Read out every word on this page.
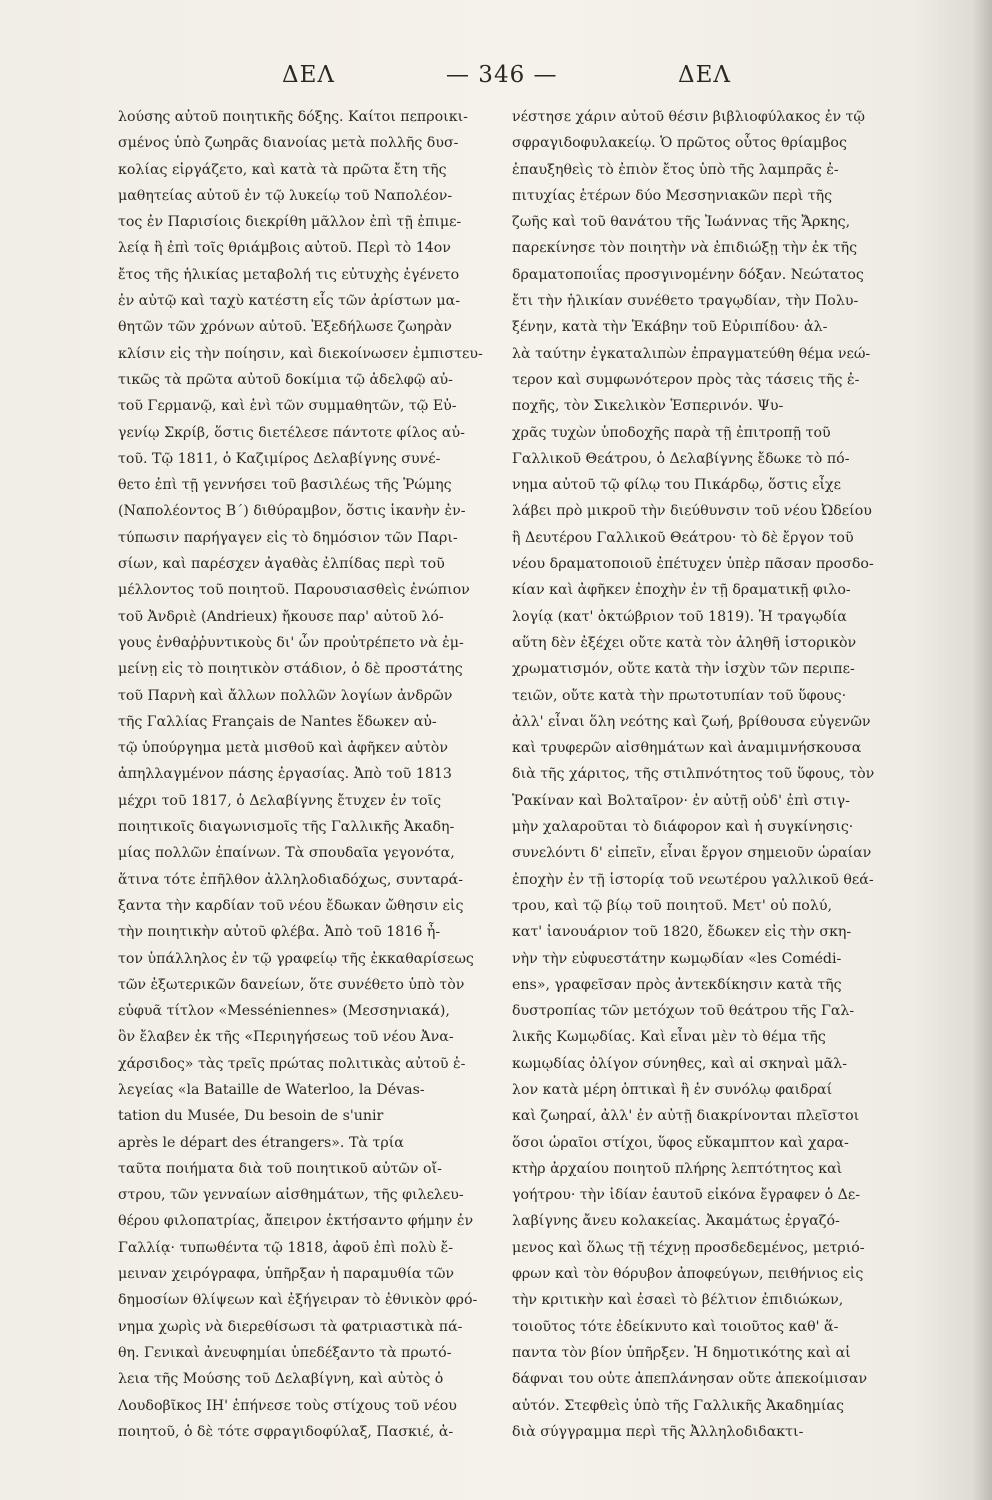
ΔΕΛ	— 346 —	ΔΕΛ
λούσης αὐτοῦ ποιητικῆς δόξης. Καίτοι πεπροικι-
σμένος ὑπὸ ζωηρᾶς διανοίας μετὰ πολλῆς δυσ-
κολίας εἰργάζετο, καὶ κατὰ τὰ πρῶτα ἔτη τῆς
μαθητείας αὐτοῦ ἐν τῷ λυκείῳ τοῦ Ναπολέον-
τος ἐν Παρισίοις διεκρίθη μᾶλλον ἐπὶ τῇ ἐπιμε-
λείᾳ ἢ ἐπὶ τοῖς θριάμβοις αὐτοῦ. Περὶ τὸ 14ον
ἔτος τῆς ἡλικίας μεταβολή τις εὐτυχὴς ἐγένετο
ἐν αὐτῷ καὶ ταχὺ κατέστη εἷς τῶν ἀρίστων μα-
θητῶν τῶν χρόνων αὐτοῦ. Ἐξεδήλωσε ζωηρὰν
κλίσιν εἰς τὴν ποίησιν, καὶ διεκοίνωσεν ἐμπιστευ-
τικῶς τὰ πρῶτα αὐτοῦ δοκίμια τῷ ἀδελφῷ αὐ-
τοῦ Γερμανῷ, καὶ ἑνὶ τῶν συμμαθητῶν, τῷ Εὐ-
γενίῳ Σκρίβ, ὅστις διετέλεσε πάντοτε φίλος αὐ-
τοῦ. Τῷ 1811, ὁ Καζιμίρος Δελαβίγνης συνέ-
θετο ἐπὶ τῇ γεννήσει τοῦ βασιλέως τῆς Ῥώμης
(Ναπολέοντος Β΄) διθύραμβον, ὅστις ἱκανὴν ἐν-
τύπωσιν παρήγαγεν εἰς τὸ δημόσιον τῶν Παρι-
σίων, καὶ παρέσχεν ἀγαθὰς ἐλπίδας περὶ τοῦ
μέλλοντος τοῦ ποιητοῦ. Παρουσιασθεὶς ἐνώπιον
τοῦ Ἀνδριὲ (Andrieux) ἤκουσε παρ' αὐτοῦ λό-
γους ἐνθαῤῥυντικοὺς δι' ὧν προὐτρέπετο νὰ ἐμ-
μείνῃ εἰς τὸ ποιητικὸν στάδιον, ὁ δὲ προστάτης
τοῦ Παρνὴ καὶ ἄλλων πολλῶν λογίων ἀνδρῶν
τῆς Γαλλίας Français de Nantes ἔδωκεν αὐ-
τῷ ὑπούργημα μετὰ μισθοῦ καὶ ἀφῆκεν αὐτὸν
ἀπηλλαγμένον πάσης ἐργασίας. Ἀπὸ τοῦ 1813
μέχρι τοῦ 1817, ὁ Δελαβίγνης ἔτυχεν ἐν τοῖς
ποιητικοῖς διαγωνισμοῖς τῆς Γαλλικῆς Ἀκαδη-
μίας πολλῶν ἐπαίνων. Τὰ σπουδαῖα γεγονότα,
ἅτινα τότε ἐπῆλθον ἀλληλοδιαδόχως, συνταρά-
ξαντα τὴν καρδίαν τοῦ νέου ἔδωκαν ὤθησιν εἰς
τὴν ποιητικὴν αὐτοῦ φλέβα. Ἀπὸ τοῦ 1816 ἦ-
τον ὑπάλληλος ἐν τῷ γραφείῳ τῆς ἐκκαθαρίσεως
τῶν ἐξωτερικῶν δανείων, ὅτε συνέθετο ὑπὸ τὸν
εὐφυᾶ τίτλον «Messéniennes» (Μεσσηνιακά),
ὃν ἔλαβεν ἐκ τῆς «Περιηγήσεως τοῦ νέου Ἀνα-
χάρσιδος» τὰς τρεῖς πρώτας πολιτικὰς αὐτοῦ ἐ-
λεγείας «la Bataille de Waterloo, la Dévas-
tation du Musée, Du besoin de s'unir
après le départ des étrangers». Τὰ τρία
ταῦτα ποιήματα διὰ τοῦ ποιητικοῦ αὐτῶν οἴ-
στρου, τῶν γενναίων αἰσθημάτων, τῆς φιλελευ-
θέρου φιλοπατρίας, ἄπειρον ἐκτήσαντο φήμην ἐν
Γαλλίᾳ· τυπωθέντα τῷ 1818, ἀφοῦ ἐπὶ πολὺ ἔ-
μειναν χειρόγραφα, ὑπῆρξαν ἡ παραμυθία τῶν
δημοσίων θλίψεων καὶ ἐξήγειραν τὸ ἐθνικὸν φρό-
νημα χωρὶς νὰ διερεθίσωσι τὰ φατριαστικὰ πά-
θη. Γενικαὶ ἀνευφημίαι ὑπεδέξαντο τὰ πρωτό-
λεια τῆς Μούσης τοῦ Δελαβίγνη, καὶ αὐτὸς ὁ
Λουδοβῖκος ΙΗ' ἐπήνεσε τοὺς στίχους τοῦ νέου
ποιητοῦ, ὁ δὲ τότε σφραγιδοφύλαξ, Πασκιέ, ἀ-
νέστησε χάριν αὐτοῦ θέσιν βιβλιοφύλακος ἐν τῷ
σφραγιδοφυλακείῳ. Ὁ πρῶτος οὗτος θρίαμβος
ἐπαυξηθεὶς τὸ ἐπιὸν ἔτος ὑπὸ τῆς λαμπρᾶς ἐ-
πιτυχίας ἑτέρων δύο Μεσσηνιακῶν περὶ τῆς
ζωῆς καὶ τοῦ θανάτου τῆς Ἰωάννας τῆς Ἄρκης,
παρεκίνησε τὸν ποιητὴν νὰ ἐπιδιώξῃ τὴν ἐκ τῆς
δραματοποιΐας προσγινομένην δόξαν. Νεώτατος
ἔτι τὴν ἡλικίαν συνέθετο τραγῳδίαν, τὴν Πολυ-
ξένην, κατὰ τὴν Ἑκάβην τοῦ Εὐριπίδου· ἀλ-
λὰ ταύτην ἐγκαταλιπὼν ἐπραγματεύθη θέμα νεώ-
τερον καὶ συμφωνότερον πρὸς τὰς τάσεις τῆς ἐ-
ποχῆς, τὸν Σικελικὸν Ἑσπερινόν. Ψυ-
χρᾶς τυχὼν ὑποδοχῆς παρὰ τῇ ἐπιτροπῇ τοῦ
Γαλλικοῦ Θεάτρου, ὁ Δελαβίγνης ἔδωκε τὸ πό-
νημα αὐτοῦ τῷ φίλῳ του Πικάρδῳ, ὅστις εἶχε
λάβει πρὸ μικροῦ τὴν διεύθυνσιν τοῦ νέου Ὠδείου
ἢ Δευτέρου Γαλλικοῦ Θεάτρου· τὸ δὲ ἔργον τοῦ
νέου δραματοποιοῦ ἐπέτυχεν ὑπὲρ πᾶσαν προσδο-
κίαν καὶ ἀφῆκεν ἐποχὴν ἐν τῇ δραματικῇ φιλο-
λογίᾳ (κατ' ὀκτώβριον τοῦ 1819). Ἡ τραγῳδία
αὕτη δὲν ἐξέχει οὔτε κατὰ τὸν ἀληθῆ ἱστορικὸν
χρωματισμόν, οὔτε κατὰ τὴν ἰσχὺν τῶν περιπε-
τειῶν, οὔτε κατὰ τὴν πρωτοτυπίαν τοῦ ὕφους·
ἀλλ' εἶναι ὅλη νεότης καὶ ζωή, βρίθουσα εὐγενῶν
καὶ τρυφερῶν αἰσθημάτων καὶ ἀναμιμνήσκουσα
διὰ τῆς χάριτος, τῆς στιλπνότητος τοῦ ὕφους, τὸν
Ῥακίναν καὶ Βολταῖρον· ἐν αὐτῇ οὐδ' ἐπὶ στιγ-
μὴν χαλαροῦται τὸ διάφορον καὶ ἡ συγκίνησις·
συνελόντι δ' εἰπεῖν, εἶναι ἔργον σημειοῦν ὡραίαν
ἐποχὴν ἐν τῇ ἱστορίᾳ τοῦ νεωτέρου γαλλικοῦ θεά-
τρου, καὶ τῷ βίῳ τοῦ ποιητοῦ. Μετ' οὐ πολύ,
κατ' ἰανουάριον τοῦ 1820, ἔδωκεν εἰς τὴν σκη-
νὴν τὴν εὐφυεστάτην κωμῳδίαν «les Comédi-
ens», γραφεῖσαν πρὸς ἀντεκδίκησιν κατὰ τῆς
δυστροπίας τῶν μετόχων τοῦ θεάτρου τῆς Γαλ-
λικῆς Κωμῳδίας. Καὶ εἶναι μὲν τὸ θέμα τῆς
κωμῳδίας ὀλίγον σύνηθες, καὶ αἱ σκηναὶ μᾶλ-
λον κατὰ μέρη ὁπτικαὶ ἢ ἐν συνόλῳ φαιδραί
καὶ ζωηραί, ἀλλ' ἐν αὐτῇ διακρίνονται πλεῖστοι
ὅσοι ὡραῖοι στίχοι, ὕφος εὔκαμπτον καὶ χαρα-
κτὴρ ἀρχαίου ποιητοῦ πλήρης λεπτότητος καὶ
γοήτρου· τὴν ἰδίαν ἑαυτοῦ εἰκόνα ἔγραφεν ὁ Δε-
λαβίγνης ἄνευ κολακείας. Ἀκαμάτως ἐργαζό-
μενος καὶ ὅλως τῇ τέχνῃ προσδεδεμένος, μετριό-
φρων καὶ τὸν θόρυβον ἀποφεύγων, πειθήνιος εἰς
τὴν κριτικὴν καὶ ἐσαεὶ τὸ βέλτιον ἐπιδιώκων,
τοιοῦτος τότε ἐδείκνυτο καὶ τοιοῦτος καθ' ἅ-
παντα τὸν βίον ὑπῆρξεν. Ἡ δημοτικότης καὶ αἱ
δάφναι του οὐτε ἀπεπλάνησαν οὔτε ἀπεκοίμισαν
αὐτόν. Στεφθεὶς ὑπὸ τῆς Γαλλικῆς Ἀκαδημίας
διὰ σύγγραμμα περὶ τῆς Ἀλληλοδιδακτι-
